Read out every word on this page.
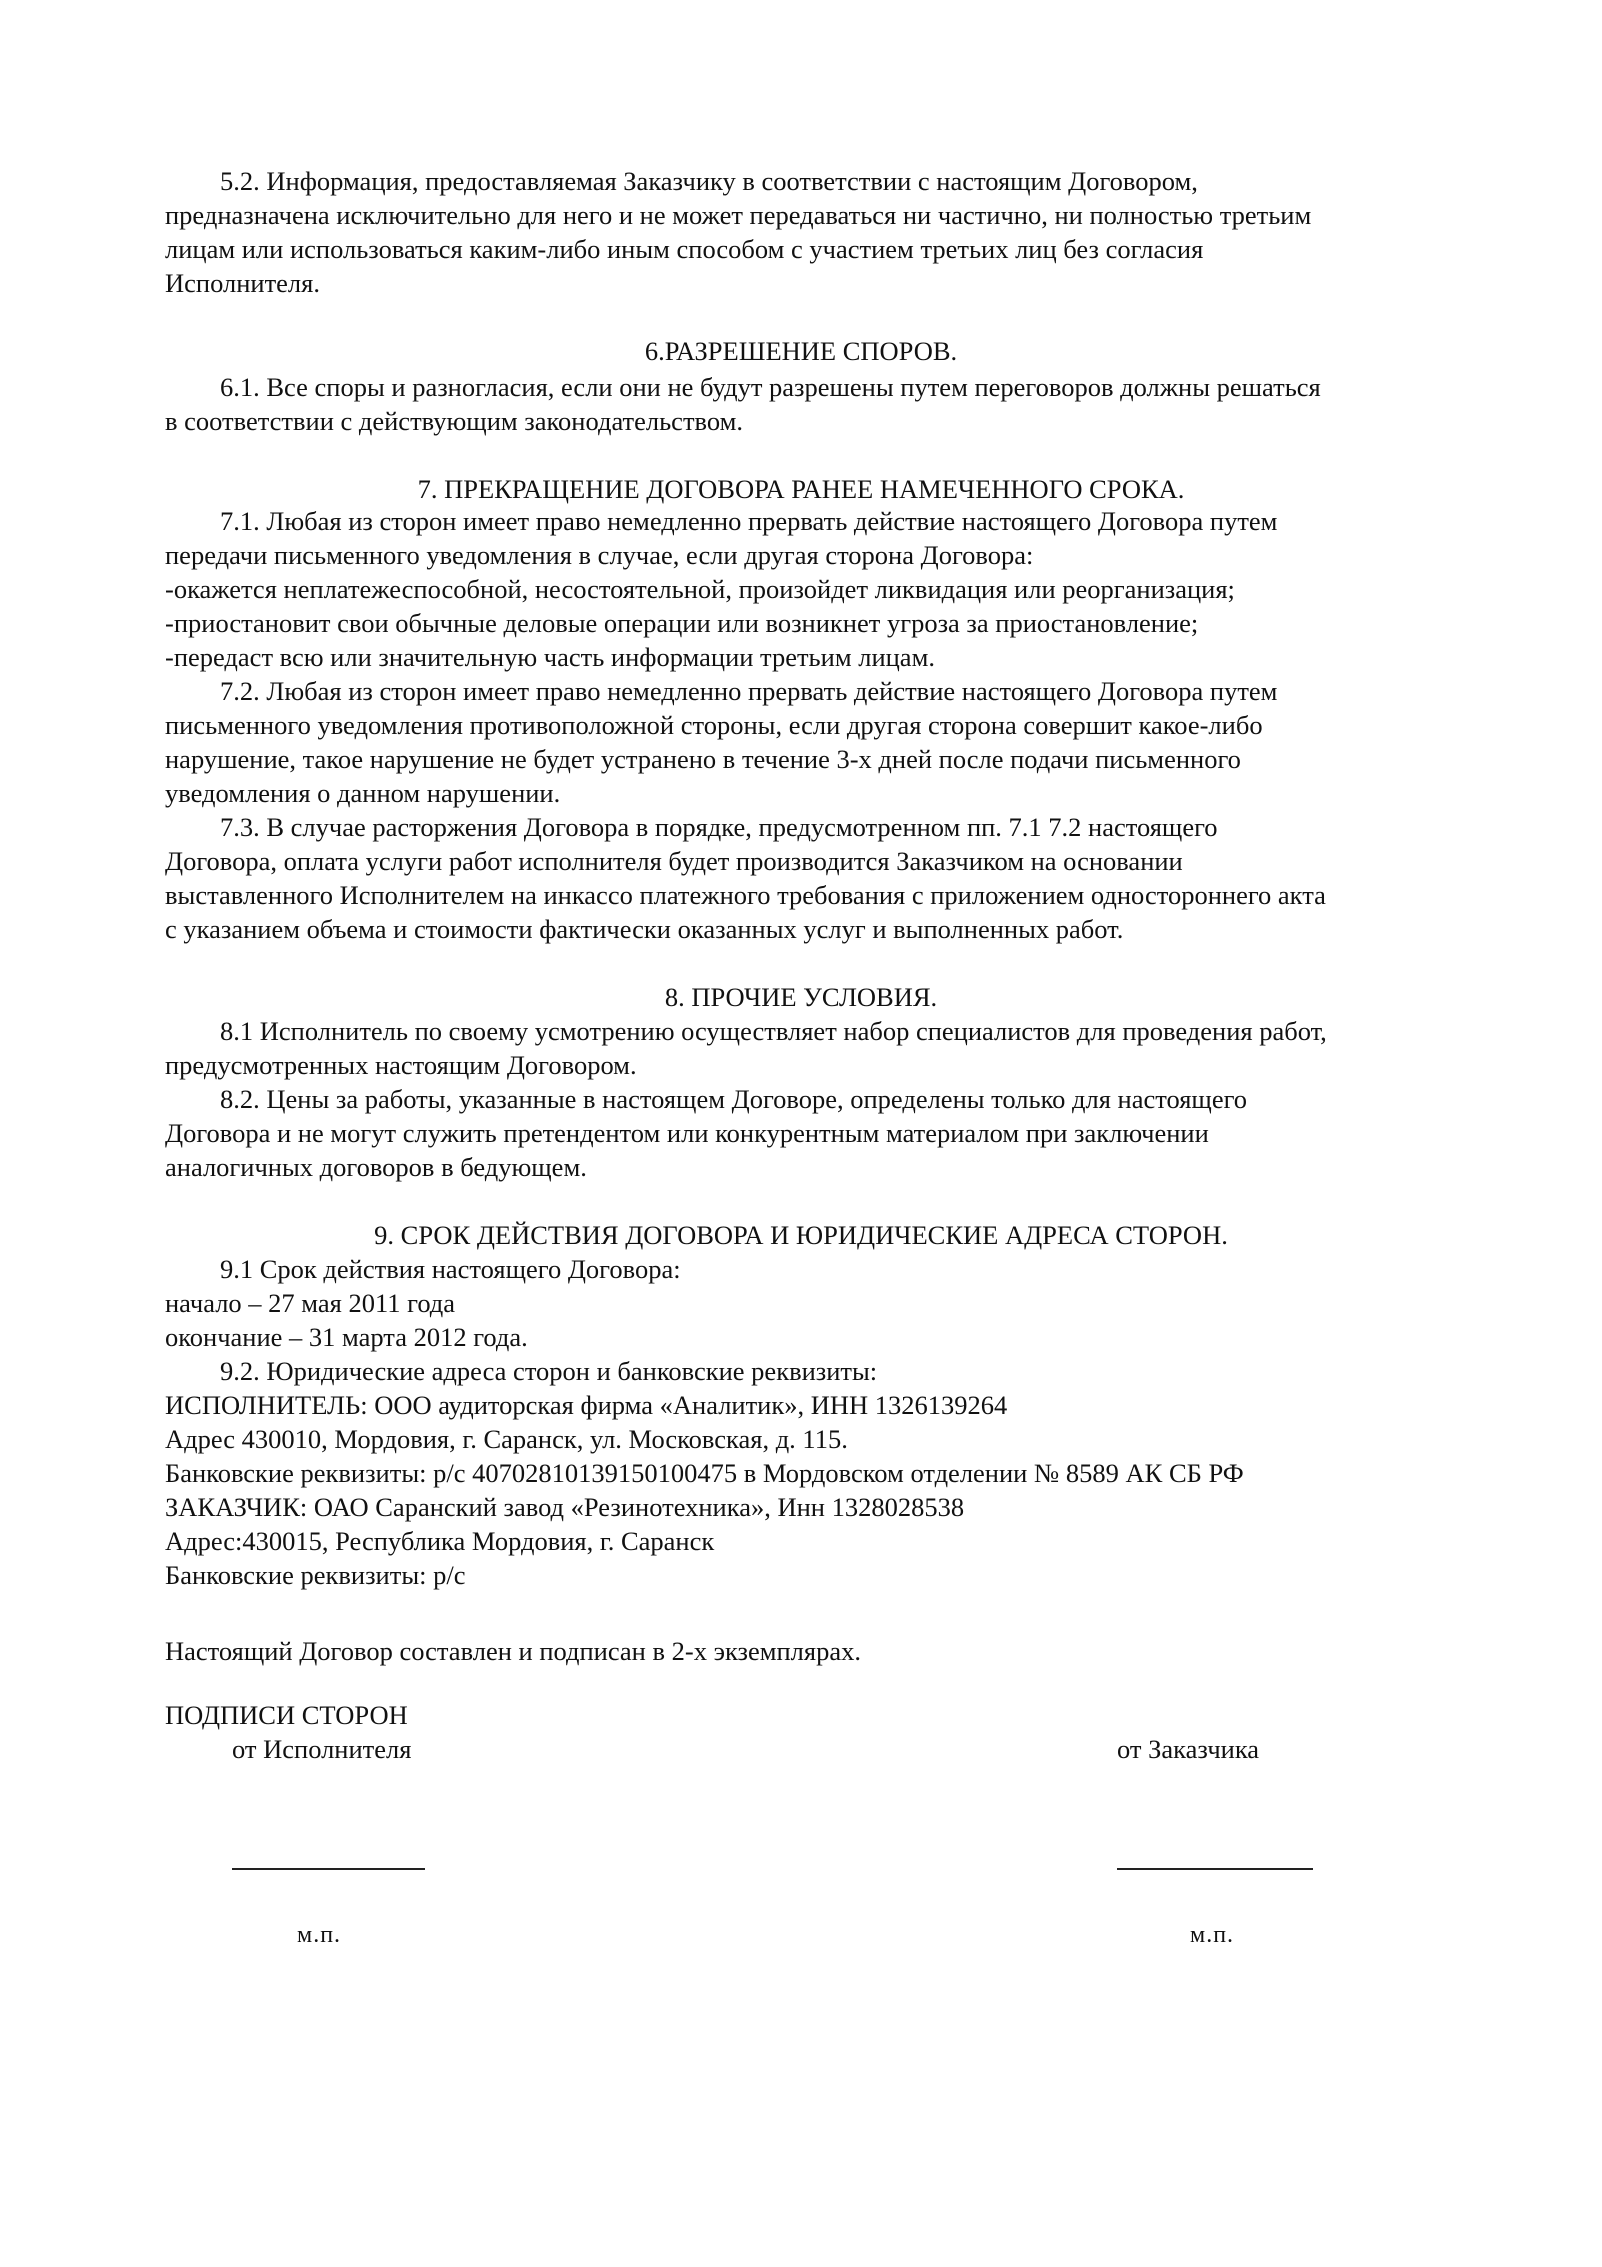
5.2. Информация, предоставляемая Заказчику в соответствии с настоящим Договором,
предназначена исключительно для него и не может передаваться ни частично, ни полностью третьим
лицам или использоваться каким-либо иным способом с участием третьих лиц без согласия
Исполнителя.
6.РАЗРЕШЕНИЕ СПОРОВ.
6.1. Все споры и разногласия, если они не будут разрешены путем переговоров должны решаться
в соответствии с действующим законодательством.
7. ПРЕКРАЩЕНИЕ ДОГОВОРА РАНЕЕ НАМЕЧЕННОГО СРОКА.
7.1. Любая из сторон имеет право немедленно прервать действие настоящего Договора путем
передачи письменного уведомления в случае, если другая сторона Договора:
-окажется неплатежеспособной, несостоятельной, произойдет ликвидация или реорганизация;
-приостановит свои обычные деловые операции или возникнет угроза за приостановление;
-передаст всю или значительную часть информации третьим лицам.
7.2. Любая из сторон имеет право немедленно прервать действие настоящего Договора путем
письменного уведомления противоположной стороны, если другая сторона совершит какое-либо
нарушение, такое нарушение не будет устранено в течение 3-х дней после подачи письменного
уведомления о данном нарушении.
7.3. В случае расторжения Договора в порядке, предусмотренном пп. 7.1 7.2 настоящего
Договора, оплата услуги работ исполнителя будет производится Заказчиком на основании
выставленного Исполнителем на инкассо платежного требования с приложением одностороннего акта
с указанием объема и стоимости фактически оказанных услуг и выполненных работ.
8. ПРОЧИЕ УСЛОВИЯ.
8.1 Исполнитель по своему усмотрению осуществляет набор специалистов для проведения работ,
предусмотренных настоящим Договором.
8.2. Цены за работы, указанные в настоящем Договоре, определены только для настоящего
Договора и не могут служить претендентом или конкурентным материалом при заключении
аналогичных договоров в бедующем.
9. СРОК ДЕЙСТВИЯ ДОГОВОРА И ЮРИДИЧЕСКИЕ АДРЕСА СТОРОН.
9.1 Срок действия настоящего Договора:
начало – 27 мая 2011 года
окончание – 31 марта 2012 года.
9.2. Юридические адреса сторон и банковские реквизиты:
ИСПОЛНИТЕЛЬ: ООО аудиторская фирма «Аналитик», ИНН 1326139264
Адрес 430010, Мордовия, г. Саранск, ул. Московская, д. 115.
Банковские реквизиты: р/с 40702810139150100475 в Мордовском отделении № 8589 АК СБ РФ
ЗАКАЗЧИК: ОАО Саранский завод «Резинотехника», Инн 1328028538
Адрес:430015, Республика Мордовия, г. Саранск
Банковские реквизиты: р/с
Настоящий Договор составлен и подписан в 2-х экземплярах.
ПОДПИСИ СТОРОН
от Исполнителя	от Заказчика
м.п.	м.п.
